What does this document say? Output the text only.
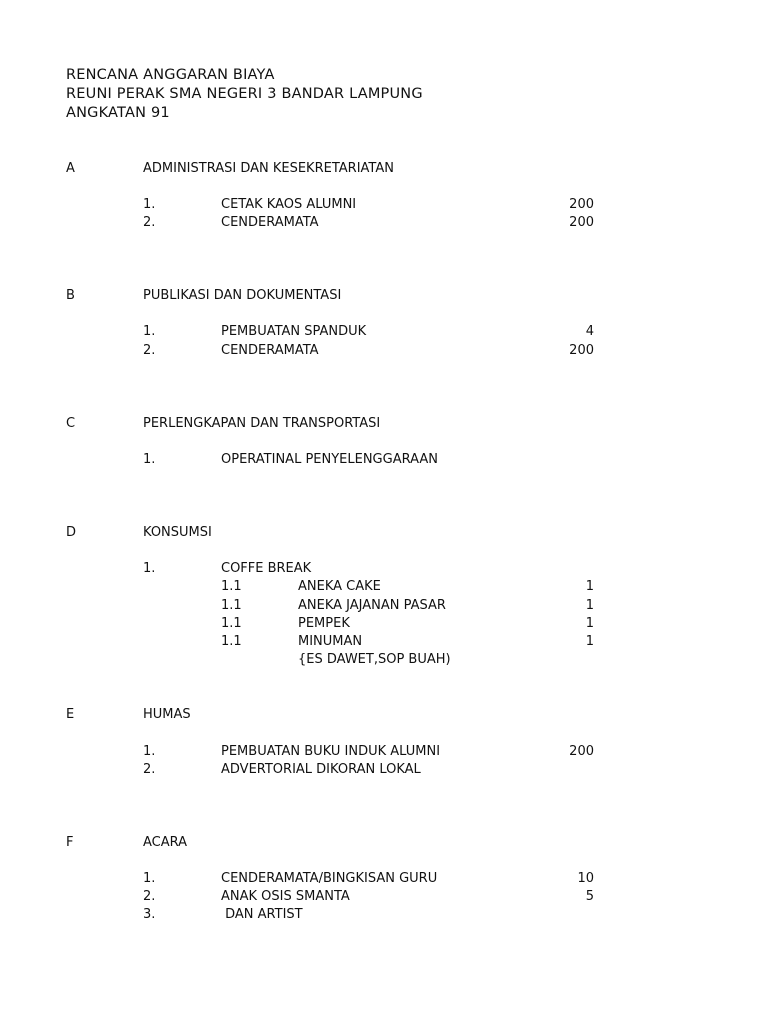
RENCANA ANGGARAN BIAYA
REUNI PERAK SMA NEGERI 3 BANDAR LAMPUNG
ANGKATAN 91
A	ADMINISTRASI DAN KESEKRETARIATAN
1.	CETAK KAOS ALUMNI	200
2.	CENDERAMATA	200
B	PUBLIKASI DAN DOKUMENTASI
1.	PEMBUATAN SPANDUK	4
2.	CENDERAMATA	200
C	PERLENGKAPAN DAN TRANSPORTASI
1.	OPERATINAL PENYELENGGARAAN
D	KONSUMSI
1.	COFFE BREAK
1.1	ANEKA CAKE	1
1.1	ANEKA JAJANAN PASAR	1
1.1	PEMPEK	1
1.1	MINUMAN	1
{ES DAWET,SOP BUAH)
E	HUMAS
1.	PEMBUATAN BUKU INDUK ALUMNI	200
2.	ADVERTORIAL DIKORAN LOKAL
F	ACARA
1.	CENDERAMATA/BINGKISAN GURU	10
2.	ANAK OSIS SMANTA	5
3.	DAN ARTIST
